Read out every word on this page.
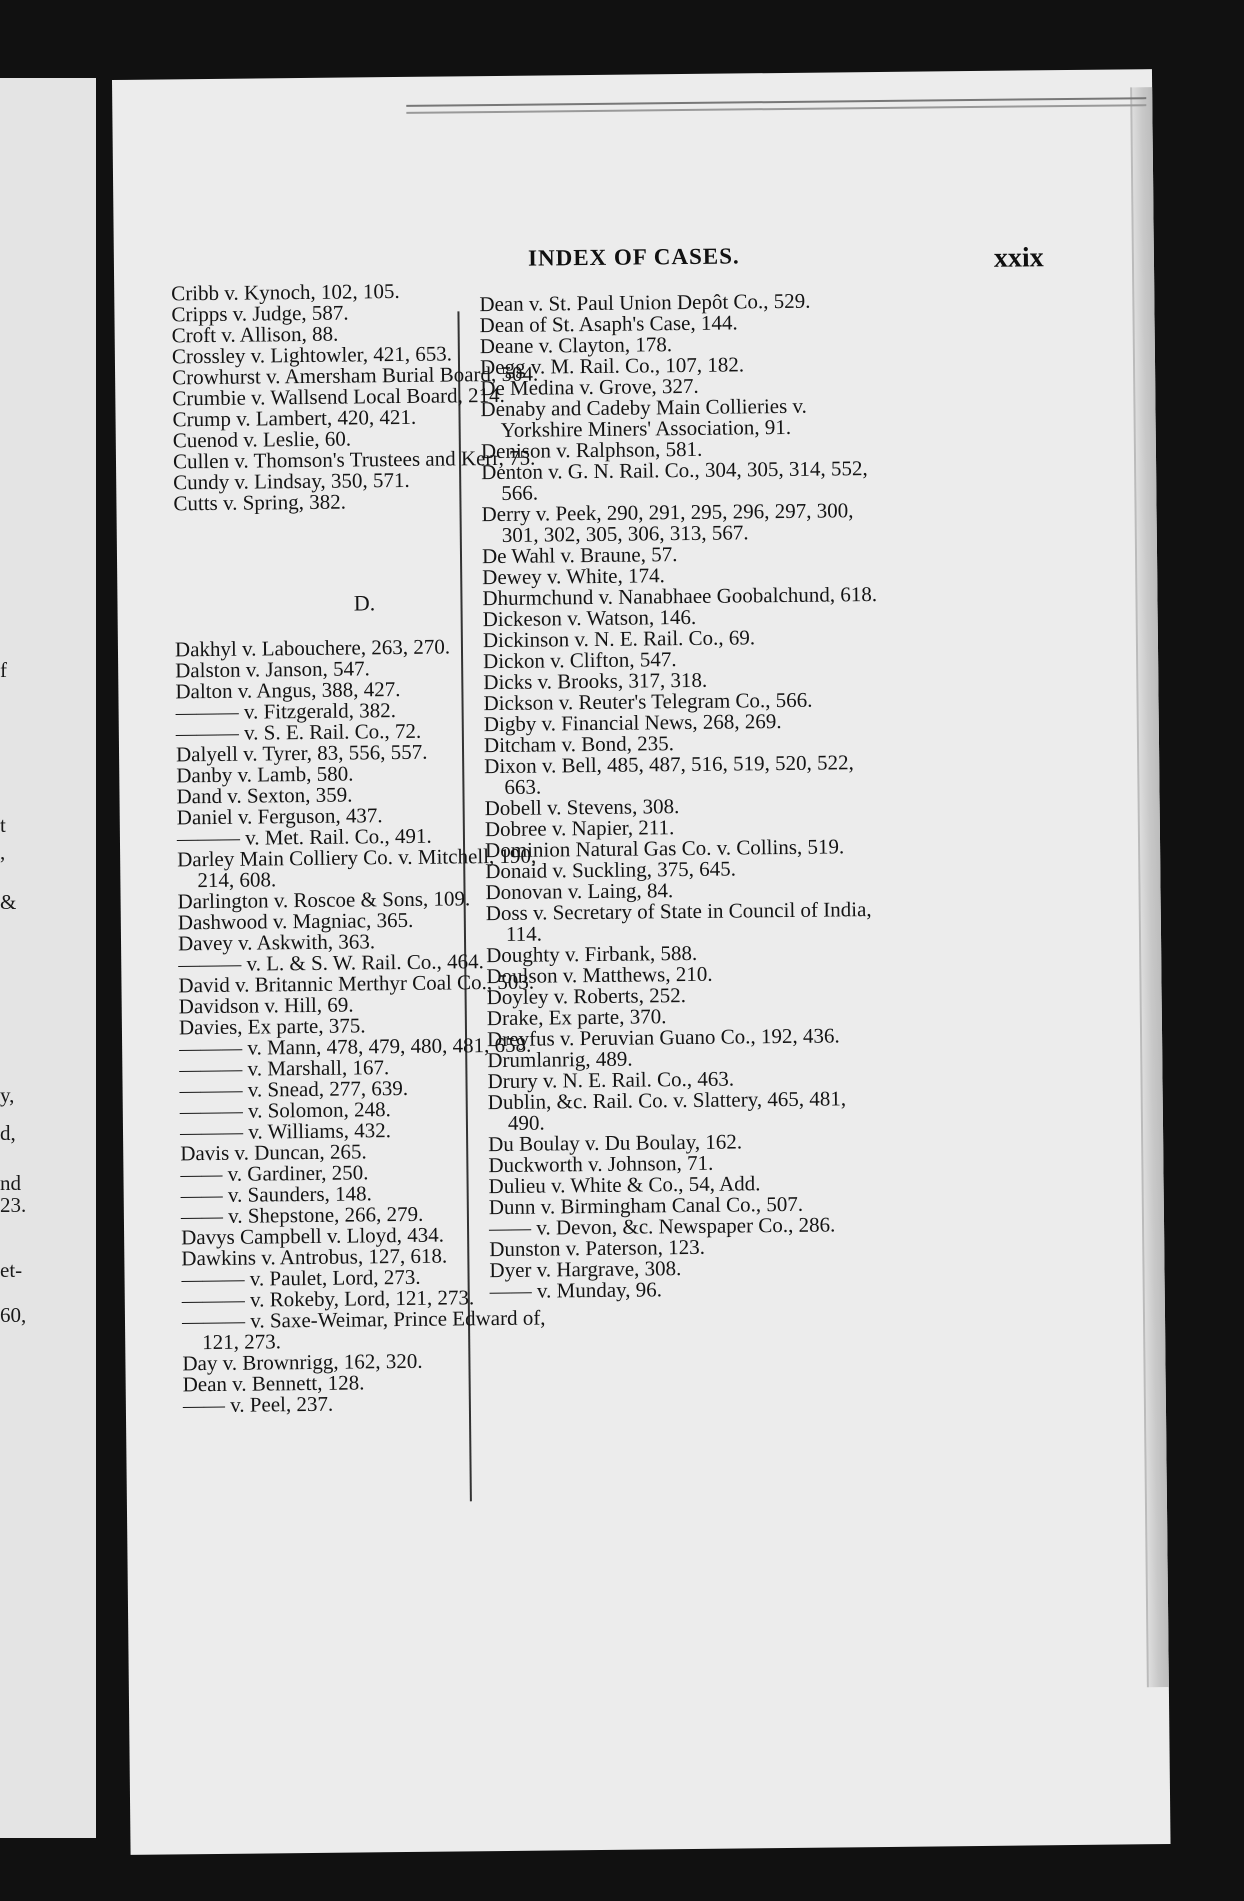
f
t
,
&
y,
d,
nd
23.
et-
60,
INDEX OF CASES.	xxix

Cribb v. Kynoch, 102, 105.

Cripps v. Judge, 587.

Croft v. Allison, 88.

Crossley v. Lightowler, 421, 653.

Crowhurst v. Amersham Burial Board, 504.

Crumbie v. Wallsend Local Board, 214.

Crump v. Lambert, 420, 421.

Cuenod v. Leslie, 60.

Cullen v. Thomson's Trustees and Kerr, 75.

Cundy v. Lindsay, 350, 571.

Cutts v. Spring, 382.

D.

Dakhyl v. Labouchere, 263, 270.

Dalston v. Janson, 547.

Dalton v. Angus, 388, 427.

——— v. Fitzgerald, 382.

——— v. S. E. Rail. Co., 72.

Dalyell v. Tyrer, 83, 556, 557.

Danby v. Lamb, 580.

Dand v. Sexton, 359.

Daniel v. Ferguson, 437.

——— v. Met. Rail. Co., 491.

Darley Main Colliery Co. v. Mitchell, 190, 214, 608.

Darlington v. Roscoe & Sons, 109.

Dashwood v. Magniac, 365.

Davey v. Askwith, 363.

——— v. L. & S. W. Rail. Co., 464.

David v. Britannic Merthyr Coal Co., 503.

Davidson v. Hill, 69.

Davies, Ex parte, 375.

——— v. Mann, 478, 479, 480, 481, 658.

——— v. Marshall, 167.

——— v. Snead, 277, 639.

——— v. Solomon, 248.

——— v. Williams, 432.

Davis v. Duncan, 265.

—— v. Gardiner, 250.

—— v. Saunders, 148.

—— v. Shepstone, 266, 279.

Davys Campbell v. Lloyd, 434.

Dawkins v. Antrobus, 127, 618.

——— v. Paulet, Lord, 273.

——— v. Rokeby, Lord, 121, 273.

——— v. Saxe-Weimar, Prince Edward of, 121, 273.

Day v. Brownrigg, 162, 320.

Dean v. Bennett, 128.

—— v. Peel, 237.

Dean v. St. Paul Union Depôt Co., 529.

Dean of St. Asaph's Case, 144.

Deane v. Clayton, 178.

Degg v. M. Rail. Co., 107, 182.

De Medina v. Grove, 327.

Denaby and Cadeby Main Collieries v. Yorkshire Miners' Association, 91.

Denison v. Ralphson, 581.

Denton v. G. N. Rail. Co., 304, 305, 314, 552, 566.

Derry v. Peek, 290, 291, 295, 296, 297, 300, 301, 302, 305, 306, 313, 567.

De Wahl v. Braune, 57.

Dewey v. White, 174.

Dhurmchund v. Nanabhaee Goobalchund, 618.

Dickeson v. Watson, 146.

Dickinson v. N. E. Rail. Co., 69.

Dickon v. Clifton, 547.

Dicks v. Brooks, 317, 318.

Dickson v. Reuter's Telegram Co., 566.

Digby v. Financial News, 268, 269.

Ditcham v. Bond, 235.

Dixon v. Bell, 485, 487, 516, 519, 520, 522, 663.

Dobell v. Stevens, 308.

Dobree v. Napier, 211.

Dominion Natural Gas Co. v. Collins, 519.

Donaid v. Suckling, 375, 645.

Donovan v. Laing, 84.

Doss v. Secretary of State in Council of India, 114.

Doughty v. Firbank, 588.

Doulson v. Matthews, 210.

Doyley v. Roberts, 252.

Drake, Ex parte, 370.

Dreyfus v. Peruvian Guano Co., 192, 436.

Drumlanrig, 489.

Drury v. N. E. Rail. Co., 463.

Dublin, &c. Rail. Co. v. Slattery, 465, 481, 490.

Du Boulay v. Du Boulay, 162.

Duckworth v. Johnson, 71.

Dulieu v. White & Co., 54, Add.

Dunn v. Birmingham Canal Co., 507.

—— v. Devon, &c. Newspaper Co., 286.

Dunston v. Paterson, 123.

Dyer v. Hargrave, 308.

—— v. Munday, 96.
